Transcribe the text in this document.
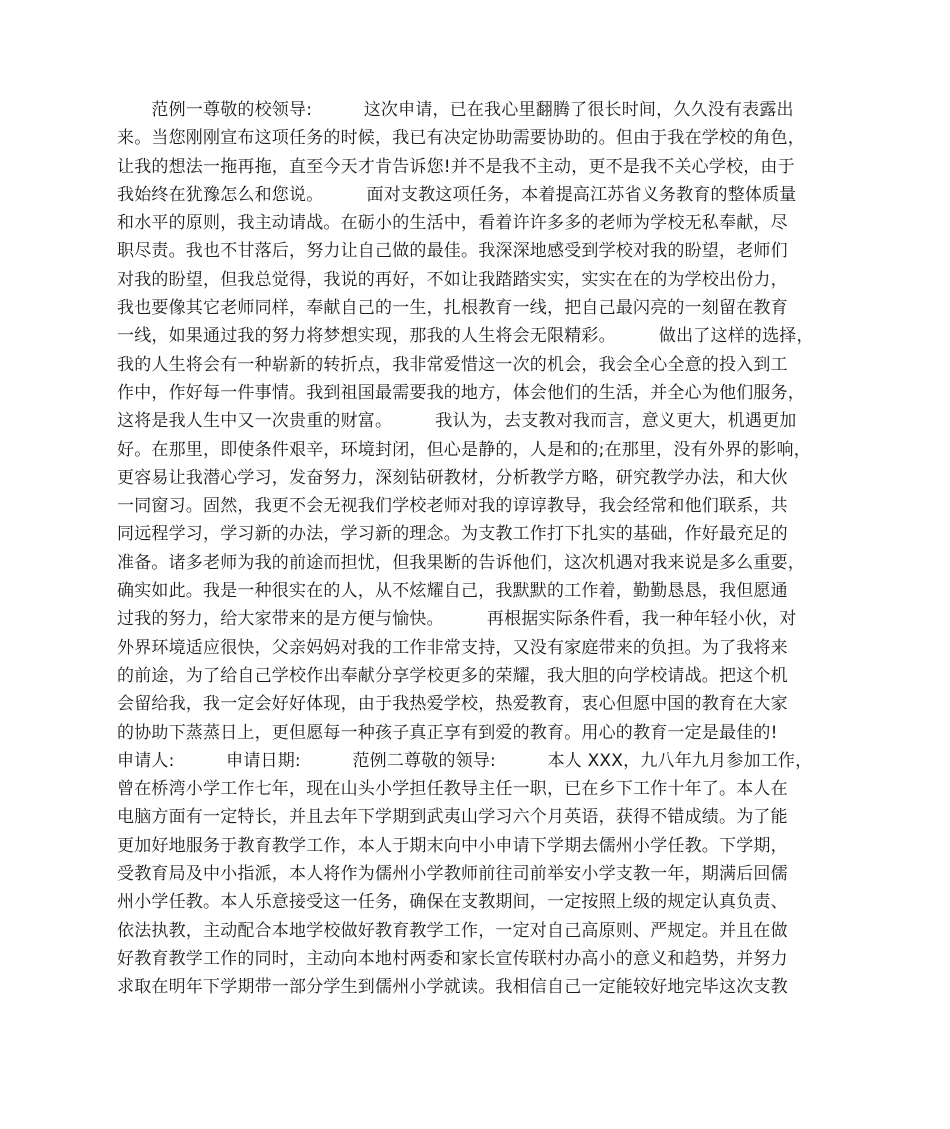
　　范例一尊敬的校领导:　　　这次申请，已在我心里翻腾了很长时间，久久没有表露出
来。当您刚刚宣布这项任务的时候，我已有决定协助需要协助的。但由于我在学校的角色，
让我的想法一拖再拖，直至今天才肯告诉您!并不是我不主动，更不是我不关心学校，由于
我始终在犹豫怎么和您说。　　　面对支教这项任务，本着提高江苏省义务教育的整体质量
和水平的原则，我主动请战。在砺小的生活中，看着许许多多的老师为学校无私奉献，尽
职尽责。我也不甘落后，努力让自己做的最佳。我深深地感受到学校对我的盼望，老师们
对我的盼望，但我总觉得，我说的再好，不如让我踏踏实实，实实在在的为学校出份力，
我也要像其它老师同样，奉献自己的一生，扎根教育一线，把自己最闪亮的一刻留在教育
一线，如果通过我的努力将梦想实现，那我的人生将会无限精彩。　　　做出了这样的选择，
我的人生将会有一种崭新的转折点，我非常爱惜这一次的机会，我会全心全意的投入到工
作中，作好每一件事情。我到祖国最需要我的地方，体会他们的生活，并全心为他们服务，
这将是我人生中又一次贵重的财富。　　　我认为，去支教对我而言，意义更大，机遇更加
好。在那里，即使条件艰辛，环境封闭，但心是静的，人是和的;在那里，没有外界的影响，
更容易让我潜心学习，发奋努力，深刻钻研教材，分析教学方略，研究教学办法，和大伙
一同窗习。固然，我更不会无视我们学校老师对我的谆谆教导，我会经常和他们联系，共
同远程学习，学习新的办法，学习新的理念。为支教工作打下扎实的基础，作好最充足的
准备。诸多老师为我的前途而担忧，但我果断的告诉他们，这次机遇对我来说是多么重要，
确实如此。我是一种很实在的人，从不炫耀自己，我默默的工作着，勤勤恳恳，我但愿通
过我的努力，给大家带来的是方便与愉快。　　　再根据实际条件看，我一种年轻小伙，对
外界环境适应很快，父亲妈妈对我的工作非常支持，又没有家庭带来的负担。为了我将来
的前途，为了给自己学校作出奉献分享学校更多的荣耀，我大胆的向学校请战。把这个机
会留给我，我一定会好好体现，由于我热爱学校，热爱教育，衷心但愿中国的教育在大家
的协助下蒸蒸日上，更但愿每一种孩子真正享有到爱的教育。用心的教育一定是最佳的!
申请人:　　　申请日期:　　　范例二尊敬的领导:　　　本人 XXX，九八年九月参加工作，
曾在桥湾小学工作七年，现在山头小学担任教导主任一职，已在乡下工作十年了。本人在
电脑方面有一定特长，并且去年下学期到武夷山学习六个月英语，获得不错成绩。为了能
更加好地服务于教育教学工作，本人于期末向中小申请下学期去儒州小学任教。下学期，
受教育局及中小指派，本人将作为儒州小学教师前往司前举安小学支教一年，期满后回儒
州小学任教。本人乐意接受这一任务，确保在支教期间，一定按照上级的规定认真负责、
依法执教，主动配合本地学校做好教育教学工作，一定对自己高原则、严规定。并且在做
好教育教学工作的同时，主动向本地村两委和家长宣传联村办高小的意义和趋势，并努力
求取在明年下学期带一部分学生到儒州小学就读。我相信自己一定能较好地完毕这次支教
